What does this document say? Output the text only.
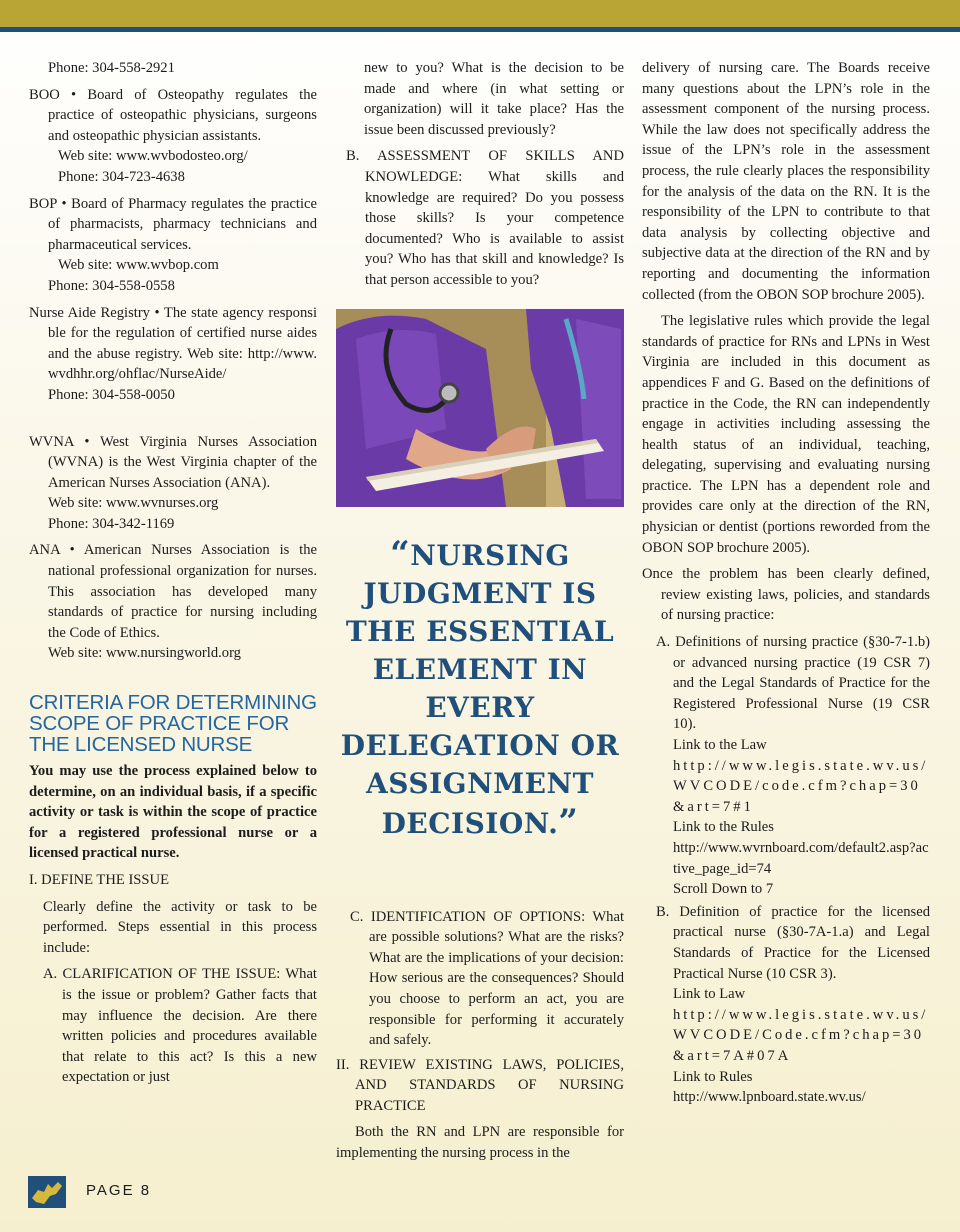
Phone: 304-558-2921

BOO • Board of Osteopathy regulates the practice of osteopathic physicians, surgeons and osteopathic physician assistants.

Web site: www.wvbodosteo.org/

Phone: 304-723-4638

BOP • Board of Pharmacy regulates the practice of pharmacists, pharmacy technicians and pharmaceutical services.

Web site: www.wvbop.com

Phone: 304-558-0558

Nurse Aide Registry • The state agency responsible for the regulation of certified nurse aides and the abuse registry. Web site: http://www.wvdhhr.org/ohflac/NurseAide/

Phone: 304-558-0050

WVNA • West Virginia Nurses Association (WVNA) is the West Virginia chapter of the American Nurses Association (ANA).

Web site: www.wvnurses.org

Phone: 304-342-1169

ANA • American Nurses Association is the national professional organization for nurses. This association has developed many standards of practice for nursing including the Code of Ethics.

Web site: www.nursingworld.org

CRITERIA FOR DETERMINING SCOPE OF PRACTICE FOR THE LICENSED NURSE

You may use the process explained below to determine, on an individual basis, if a specific activity or task is within the scope of practice for a registered professional nurse or a licensed practical nurse.

I. DEFINE THE ISSUE

Clearly define the activity or task to be performed. Steps essential in this process include:

A. CLARIFICATION OF THE ISSUE: What is the issue or problem? Gather facts that may influence the decision. Are there written policies and procedures available that relate to this act? Is this a new expectation or just

new to you? What is the decision to be made and where (in what setting or organization) will it take place? Has the issue been discussed previously?

B. ASSESSMENT OF SKILLS AND KNOWLEDGE: What skills and knowledge are required? Do you possess those skills? Is your competence documented? Who is available to assist you? Who has that skill and knowledge? Is that person accessible to you?

“NURSING JUDGMENT IS THE ESSENTIAL ELEMENT IN EVERY DELEGATION OR ASSIGNMENT DECISION.”

C. IDENTIFICATION OF OPTIONS: What are possible solutions? What are the risks? What are the implications of your decision: How serious are the consequences? Should you choose to perform an act, you are responsible for performing it accurately and safely.

II. REVIEW EXISTING LAWS, POLICIES, AND STANDARDS OF NURSING PRACTICE

Both the RN and LPN are responsible for implementing the nursing process in the

delivery of nursing care. The Boards receive many questions about the LPN’s role in the assessment component of the nursing process. While the law does not specifically address the issue of the LPN’s role in the assessment process, the rule clearly places the responsibility for the analysis of the data on the RN. It is the responsibility of the LPN to contribute to that data analysis by collecting objective and subjective data at the direction of the RN and by reporting and documenting the information collected (from the OBON SOP brochure 2005).

The legislative rules which provide the legal standards of practice for RNs and LPNs in West Virginia are included in this document as appendices F and G. Based on the definitions of practice in the Code, the RN can independently engage in activities including assessing the health status of an individual, teaching, delegating, supervising and evaluating nursing practice. The LPN has a dependent role and provides care only at the direction of the RN, physician or dentist (portions reworded from the OBON SOP brochure 2005).

Once the problem has been clearly defined, review existing laws, policies, and standards of nursing practice:

A. Definitions of nursing practice (§30-7-1.b) or advanced nursing practice (19 CSR 7) and the Legal Standards of Practice for the Registered Professional Nurse (19 CSR 10).

Link to the Law

http://www.legis.state.wv.us/WVCODE/code.cfm?chap=30&art=7#1

Link to the Rules

http://www.wvrnboard.com/default2.asp?active_page_id=74

Scroll Down to 7

B. Definition of practice for the licensed practical nurse (§30-7A-1.a) and Legal Standards of Practice for the Licensed Practical Nurse (10 CSR 3).

Link to Law

http://www.legis.state.wv.us/WVCODE/Code.cfm?chap=30&art=7A#07A

Link to Rules

http://www.lpnboard.state.wv.us/

PAGE 8
